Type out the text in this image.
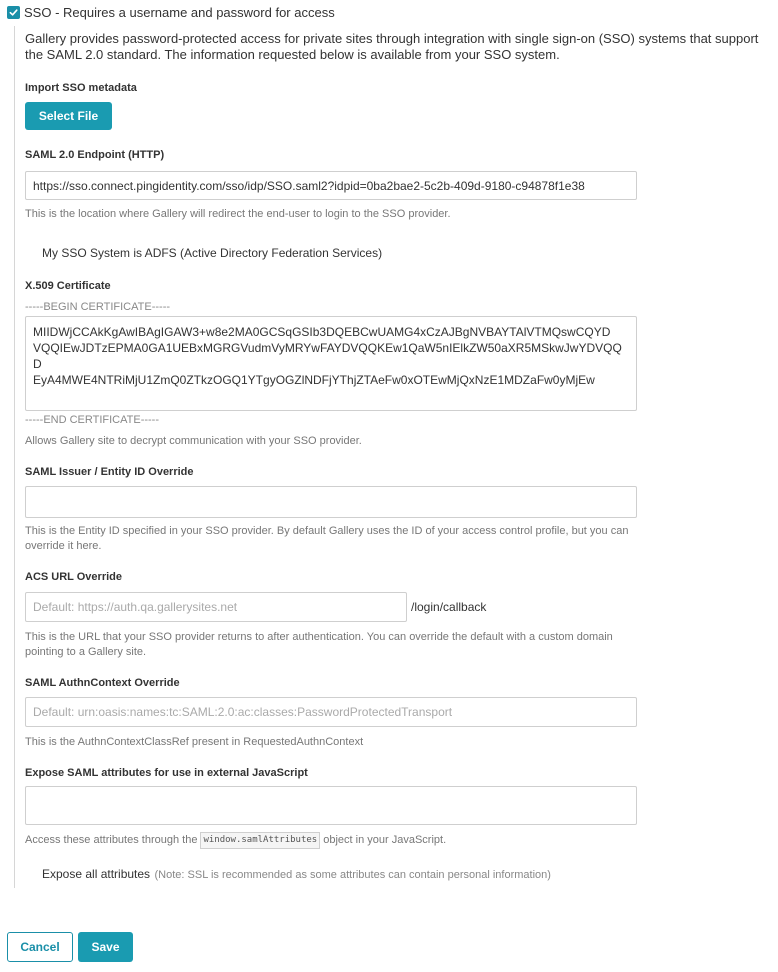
SSO - Requires a username and password for access
Gallery provides password-protected access for private sites through integration with single sign-on (SSO) systems that support the SAML 2.0 standard. The information requested below is available from your SSO system.
Import SSO metadata
Select File
SAML 2.0 Endpoint (HTTP)
https://sso.connect.pingidentity.com/sso/idp/SSO.saml2?idpid=0ba2bae2-5c2b-409d-9180-c94878f1e38
This is the location where Gallery will redirect the end-user to login to the SSO provider.
My SSO System is ADFS (Active Directory Federation Services)
X.509 Certificate
-----BEGIN CERTIFICATE-----
MIIDWjCCAkKgAwIBAgIGAW3+w8e2MA0GCSqGSIb3DQEBCwUAMG4xCzAJBgNVBAYTAlVTMQswCQYD
VQQIEwJDTzEPMA0GA1UEBxMGRGVudmVyMRYwFAYDVQQKEw1QaW5nIElkZW50aXR5MSkwJwYDVQQD
EyA4MWE4NTRiMjU1ZmQ0ZTkzOGQ1YTgyOGZlNDFjYThjZTAeFw0xOTEwMjQxNzE1MDZaFw0yMjEw
-----END CERTIFICATE-----
Allows Gallery site to decrypt communication with your SSO provider.
SAML Issuer / Entity ID Override
This is the Entity ID specified in your SSO provider. By default Gallery uses the ID of your access control profile, but you can override it here.
ACS URL Override
Default: https://auth.qa.gallerysites.net
/login/callback
This is the URL that your SSO provider returns to after authentication. You can override the default with a custom domain pointing to a Gallery site.
SAML AuthnContext Override
Default: urn:oasis:names:tc:SAML:2.0:ac:classes:PasswordProtectedTransport
This is the AuthnContextClassRef present in RequestedAuthnContext
Expose SAML attributes for use in external JavaScript
Access these attributes through the window.samlAttributes object in your JavaScript.
Expose all attributes (Note: SSL is recommended as some attributes can contain personal information)
Cancel	Save
